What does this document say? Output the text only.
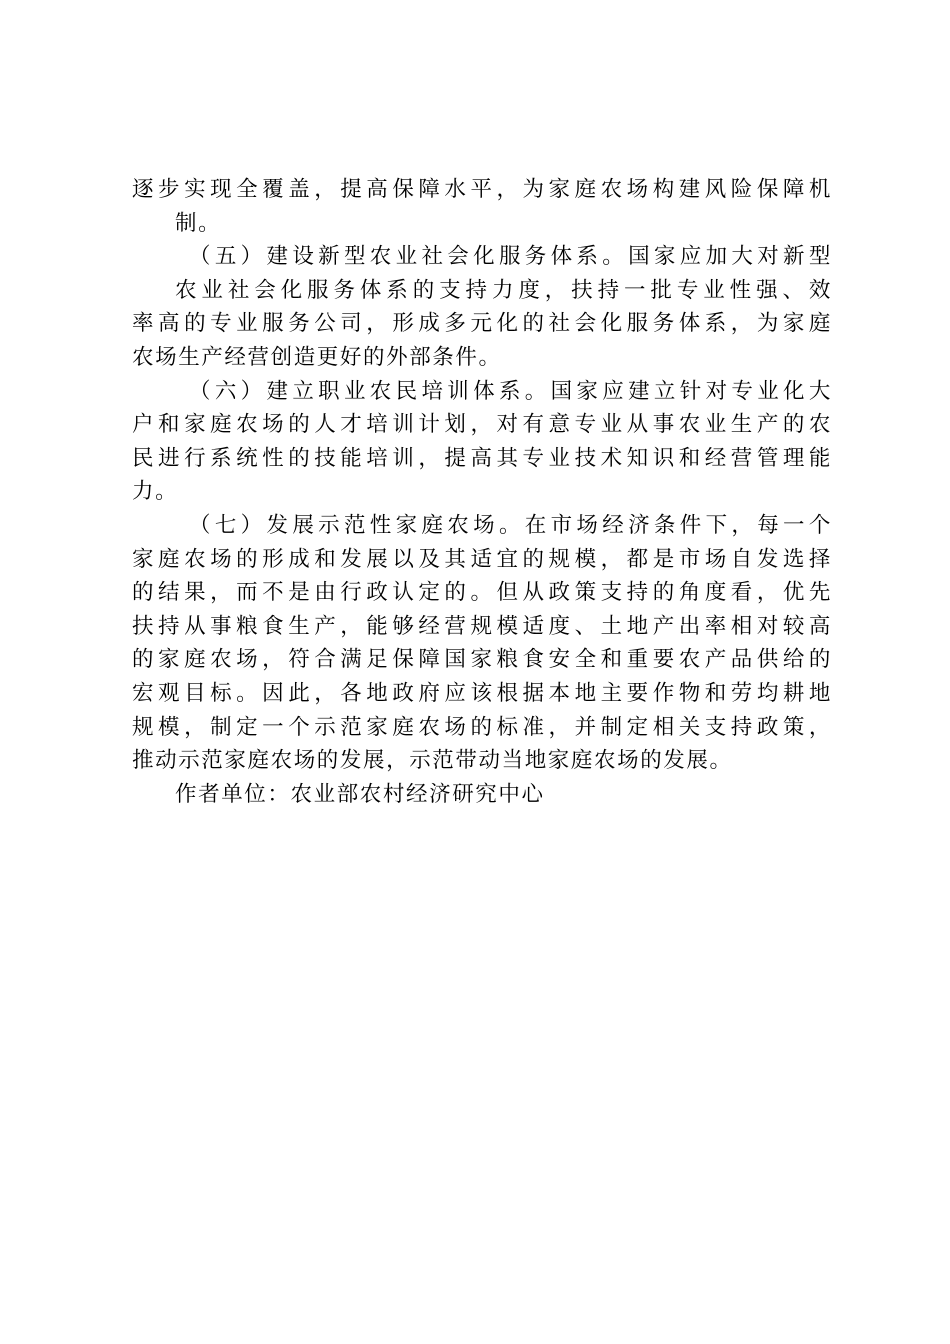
逐步实现全覆盖，提高保障水平，为家庭农场构建风险保障机
制。
（五）建设新型农业社会化服务体系。国家应加大对新型
农业社会化服务体系的支持力度，扶持一批专业性强、效
率高的专业服务公司，形成多元化的社会化服务体系，为家庭
农场生产经营创造更好的外部条件。
（六）建立职业农民培训体系。国家应建立针对专业化大
户和家庭农场的人才培训计划，对有意专业从事农业生产的农
民进行系统性的技能培训，提高其专业技术知识和经营管理能
力。
（七）发展示范性家庭农场。在市场经济条件下，每一个
家庭农场的形成和发展以及其适宜的规模，都是市场自发选择
的结果，而不是由行政认定的。但从政策支持的角度看，优先
扶持从事粮食生产，能够经营规模适度、土地产出率相对较高
的家庭农场，符合满足保障国家粮食安全和重要农产品供给的
宏观目标。因此，各地政府应该根据本地主要作物和劳均耕地
规模，制定一个示范家庭农场的标准，并制定相关支持政策，
推动示范家庭农场的发展，示范带动当地家庭农场的发展。
作者单位：农业部农村经济研究中心
